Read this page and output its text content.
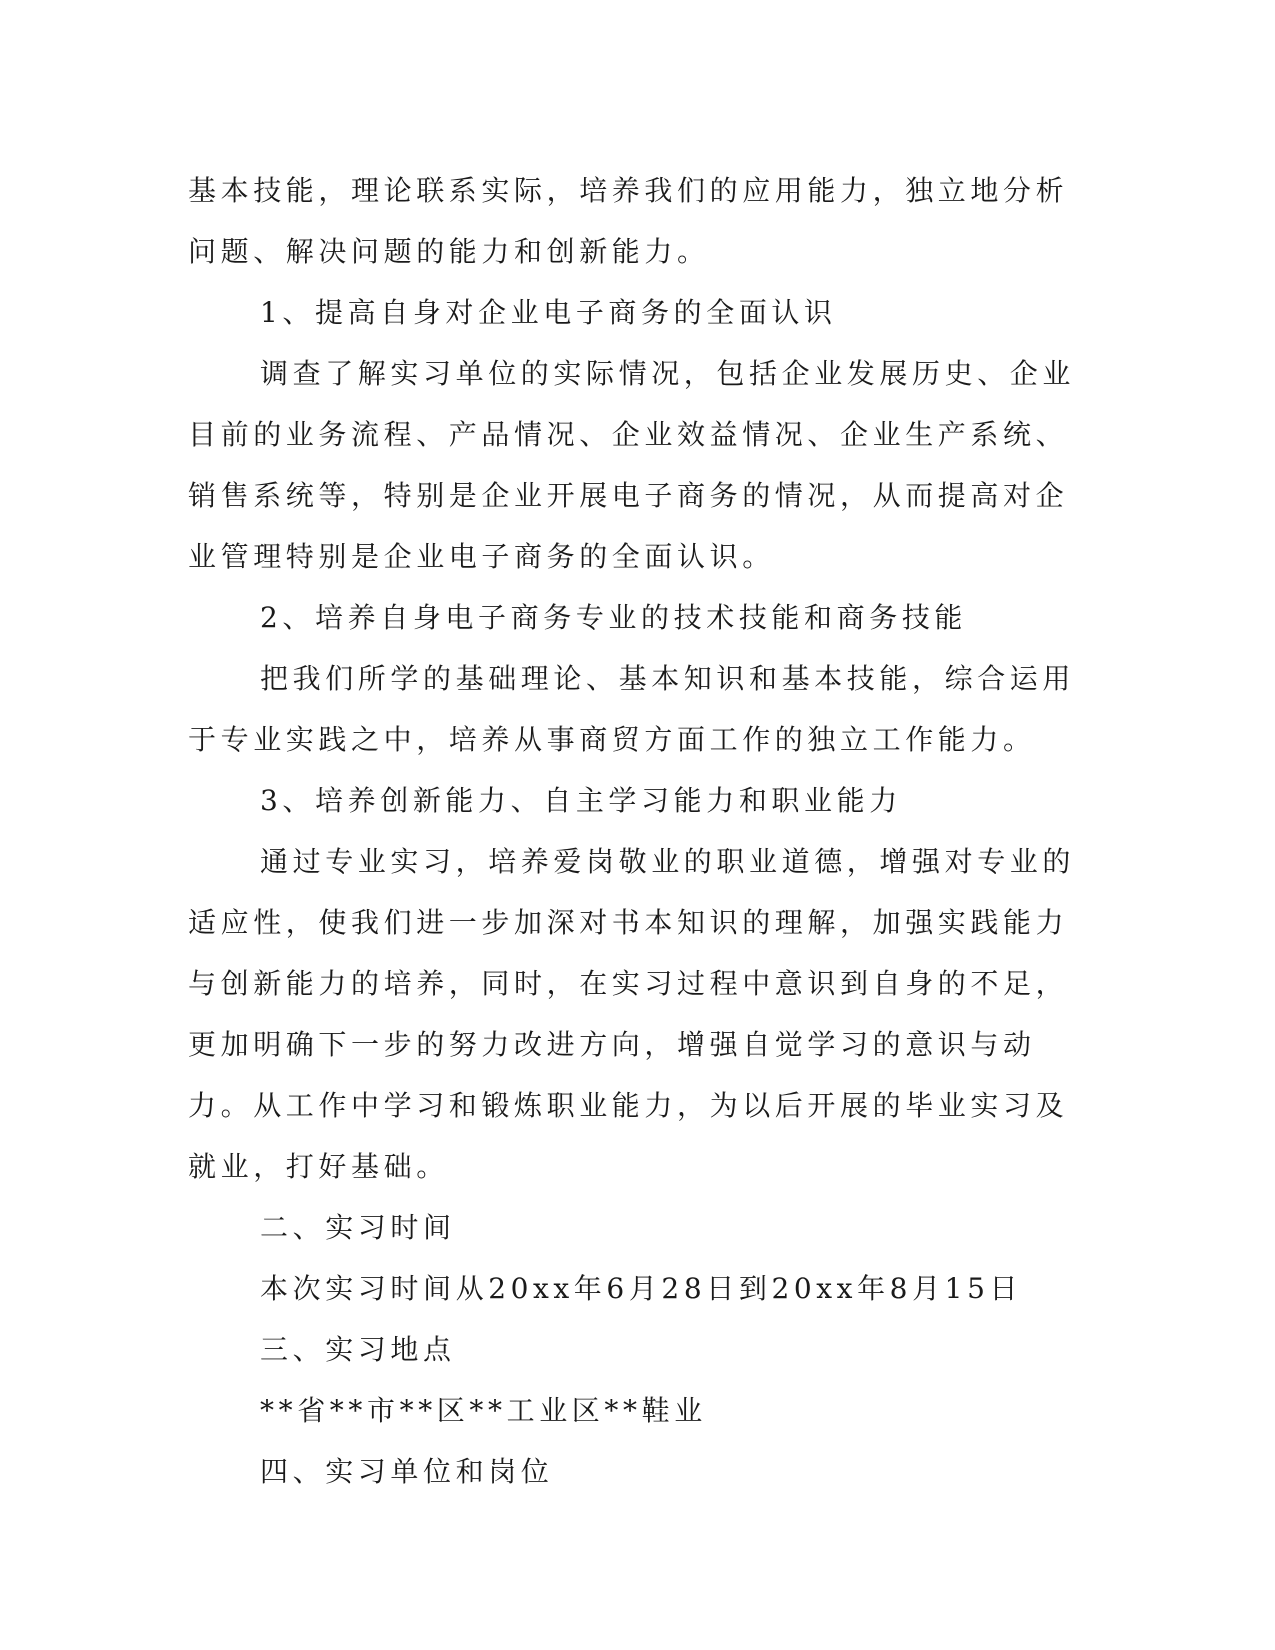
基本技能，理论联系实际，培养我们的应用能力，独立地分析问题、解决问题的能力和创新能力。

1、提高自身对企业电子商务的全面认识

调查了解实习单位的实际情况，包括企业发展历史、企业目前的业务流程、产品情况、企业效益情况、企业生产系统、销售系统等，特别是企业开展电子商务的情况，从而提高对企业管理特别是企业电子商务的全面认识。

2、培养自身电子商务专业的技术技能和商务技能

把我们所学的基础理论、基本知识和基本技能，综合运用于专业实践之中，培养从事商贸方面工作的独立工作能力。

3、培养创新能力、自主学习能力和职业能力

通过专业实习，培养爱岗敬业的职业道德，增强对专业的适应性，使我们进一步加深对书本知识的理解，加强实践能力与创新能力的培养，同时，在实习过程中意识到自身的不足，更加明确下一步的努力改进方向，增强自觉学习的意识与动力。从工作中学习和锻炼职业能力，为以后开展的毕业实习及就业，打好基础。

二、实习时间

本次实习时间从20xx年6月28日到20xx年8月15日

三、实习地点

**省**市**区**工业区**鞋业

四、实习单位和岗位
